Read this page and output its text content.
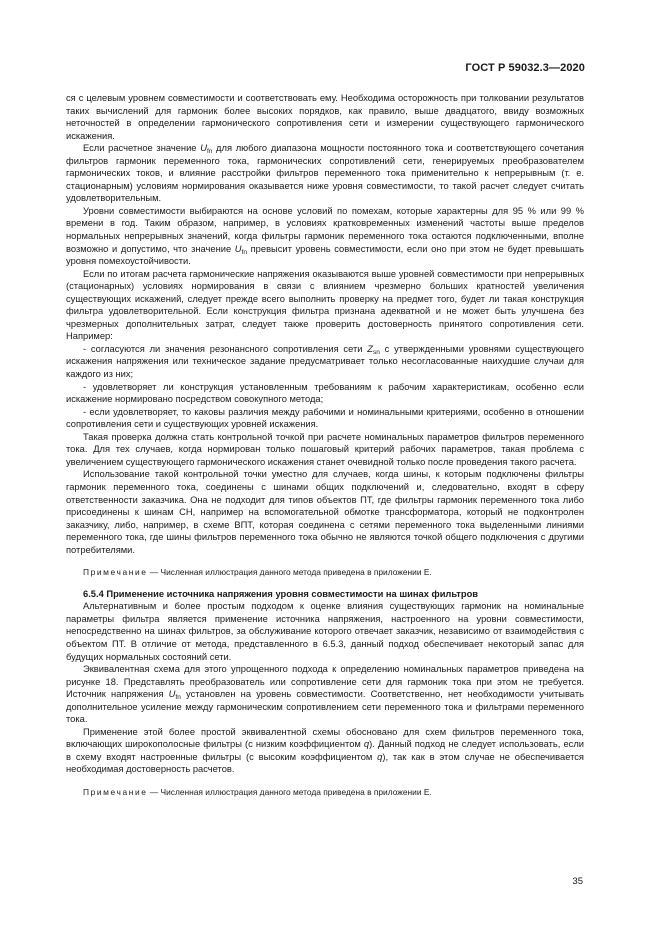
ГОСТ Р 59032.3—2020

ся с целевым уровнем совместимости и соответствовать ему. Необходима осторожность при толковании результатов таких вычислений для гармоник более высоких порядков, как правило, выше двадцатого, ввиду возможных неточностей в определении гармонического сопротивления сети и измерении существующего гармонического искажения.

Если расчетное значение $U_{fn}$ для любого диапазона мощности постоянного тока и соответствующего сочетания фильтров гармоник переменного тока, гармонических сопротивлений сети, генерируемых преобразователем гармонических токов, и влияние расстройки фильтров переменного тока применительно к непрерывным (т. е. стационарным) условиям нормирования оказывается ниже уровня совместимости, то такой расчет следует считать удовлетворительным.

Уровни совместимости выбираются на основе условий по помехам, которые характерны для 95 % или 99 % времени в год. Таким образом, например, в условиях кратковременных изменений частоты выше пределов нормальных непрерывных значений, когда фильтры гармоник переменного тока остаются подключенными, вполне возможно и допустимо, что значение $U_{fn}$ превысит уровень совместимости, если оно при этом не будет превышать уровня помехоустойчивости.

Если по итогам расчета гармонические напряжения оказываются выше уровней совместимости при непрерывных (стационарных) условиях нормирования в связи с влиянием чрезмерно больших кратностей увеличения существующих искажений, следует прежде всего выполнить проверку на предмет того, будет ли такая конструкция фильтра удовлетворительной. Если конструкция фильтра признана адекватной и не может быть улучшена без чрезмерных дополнительных затрат, следует также проверить достоверность принятого сопротивления сети. Например:

- согласуются ли значения резонансного сопротивления сети $Z_{sn}$ с утвержденными уровнями существующего искажения напряжения или техническое задание предусматривает только несогласованные наихудшие случаи для каждого из них;

- удовлетворяет ли конструкция установленным требованиям к рабочим характеристикам, особенно если искажение нормировано посредством совокупного метода;

- если удовлетворяет, то каковы различия между рабочими и номинальными критериями, особенно в отношении сопротивления сети и существующих уровней искажения.

Такая проверка должна стать контрольной точкой при расчете номинальных параметров фильтров переменного тока. Для тех случаев, когда нормирован только пошаговый критерий рабочих параметров, такая проблема с увеличением существующего гармонического искажения станет очевидной только после проведения такого расчета.

Использование такой контрольной точки уместно для случаев, когда шины, к которым подключены фильтры гармоник переменного тока, соединены с шинами общих подключений и, следовательно, входят в сферу ответственности заказчика. Она не подходит для типов объектов ПТ, где фильтры гармоник переменного тока либо присоединены к шинам СН, например на вспомогательной обмотке трансформатора, который не подконтролен заказчику, либо, например, в схеме ВПТ, которая соединена с сетями переменного тока выделенными линиями переменного тока, где шины фильтров переменного тока обычно не являются точкой общего подключения с другими потребителями.

Примечание — Численная иллюстрация данного метода приведена в приложении Е.

6.5.4 Применение источника напряжения уровня совместимости на шинах фильтров

Альтернативным и более простым подходом к оценке влияния существующих гармоник на номинальные параметры фильтра является применение источника напряжения, настроенного на уровни совместимости, непосредственно на шинах фильтров, за обслуживание которого отвечает заказчик, независимо от взаимодействия с объектом ПТ. В отличие от метода, представленного в 6.5.3, данный подход обеспечивает некоторый запас для будущих нормальных состояний сети.

Эквивалентная схема для этого упрощенного подхода к определению номинальных параметров приведена на рисунке 18. Представлять преобразователь или сопротивление сети для гармоник тока при этом не требуется. Источник напряжения $U_{fn}$ установлен на уровень совместимости. Соответственно, нет необходимости учитывать дополнительное усиление между гармоническим сопротивлением сети переменного тока и фильтрами переменного тока.

Применение этой более простой эквивалентной схемы обосновано для схем фильтров переменного тока, включающих широкополосные фильтры (с низким коэффициентом q). Данный подход не следует использовать, если в схему входят настроенные фильтры (с высоким коэффициентом q), так как в этом случае не обеспечивается необходимая достоверность расчетов.

Примечание — Численная иллюстрация данного метода приведена в приложении Е.

35
